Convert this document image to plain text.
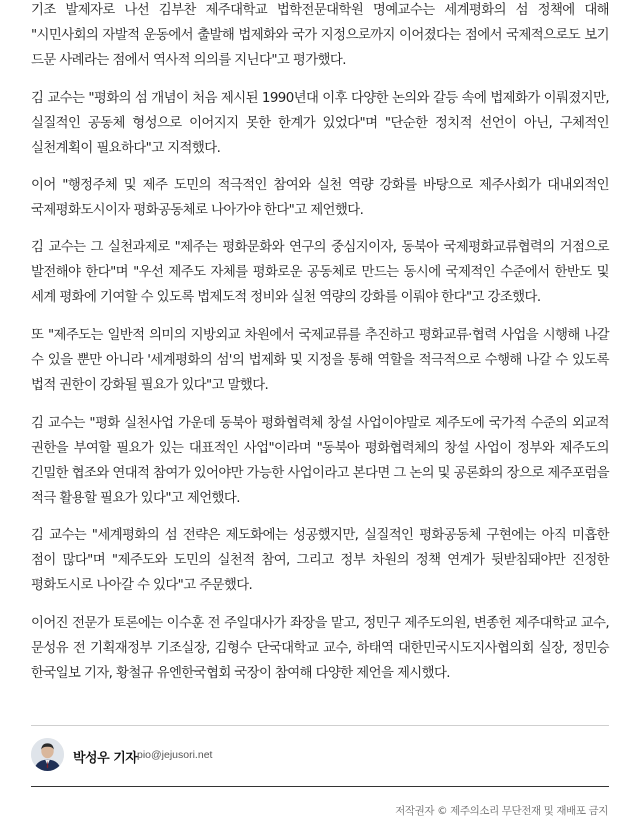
기조 발제자로 나선 김부찬 제주대학교 법학전문대학원 명예교수는 세계평화의 섬 정책에 대해 "시민사회의 자발적 운동에서 출발해 법제화와 국가 지정으로까지 이어졌다는 점에서 국제적으로도 보기 드문 사례라는 점에서 역사적 의의를 지닌다"고 평가했다.

김 교수는 "평화의 섬 개념이 처음 제시된 1990년대 이후 다양한 논의와 갈등 속에 법제화가 이뤄졌지만, 실질적인 공동체 형성으로 이어지지 못한 한계가 있었다"며 "단순한 정치적 선언이 아닌, 구체적인 실천계획이 필요하다"고 지적했다.

이어 "행정주체 및 제주 도민의 적극적인 참여와 실천 역량 강화를 바탕으로 제주사회가 대내외적인 국제평화도시이자 평화공동체로 나아가야 한다"고 제언했다.

김 교수는 그 실천과제로 "제주는 평화문화와 연구의 중심지이자, 동북아 국제평화교류협력의 거점으로 발전해야 한다"며 "우선 제주도 자체를 평화로운 공동체로 만드는 동시에 국제적인 수준에서 한반도 및 세계 평화에 기여할 수 있도록 법제도적 정비와 실천 역량의 강화를 이뤄야 한다"고 강조했다.

또 "제주도는 일반적 의미의 지방외교 차원에서 국제교류를 추진하고 평화교류·협력 사업을 시행해 나갈 수 있을 뿐만 아니라 '세계평화의 섬'의 법제화 및 지정을 통해 역할을 적극적으로 수행해 나갈 수 있도록 법적 권한이 강화될 필요가 있다"고 말했다.

김 교수는 "평화 실천사업 가운데 동북아 평화협력체 창설 사업이야말로 제주도에 국가적 수준의 외교적 권한을 부여할 필요가 있는 대표적인 사업"이라며 "동북아 평화협력체의 창설 사업이 정부와 제주도의 긴밀한 협조와 연대적 참여가 있어야만 가능한 사업이라고 본다면 그 논의 및 공론화의 장으로 제주포럼을 적극 활용할 필요가 있다"고 제언했다.

김 교수는 "세계평화의 섬 전략은 제도화에는 성공했지만, 실질적인 평화공동체 구현에는 아직 미흡한 점이 많다"며 "제주도와 도민의 실천적 참여, 그리고 정부 차원의 정책 연계가 뒷받침돼야만 진정한 평화도시로 나아갈 수 있다"고 주문했다.

이어진 전문가 토론에는 이수훈 전 주일대사가 좌장을 맡고, 정민구 제주도의원, 변종헌 제주대학교 교수, 문성유 전 기획재정부 기조실장, 김형수 단국대학교 교수, 하태역 대한민국시도지사협의회 실장, 정민승 한국일보 기자, 황철규 유엔한국협회 국장이 참여해 다양한 제언을 제시했다.

박성우 기자 pio@jejusori.net
저작권자 © 제주의소리 무단전재 및 재배포 금지
